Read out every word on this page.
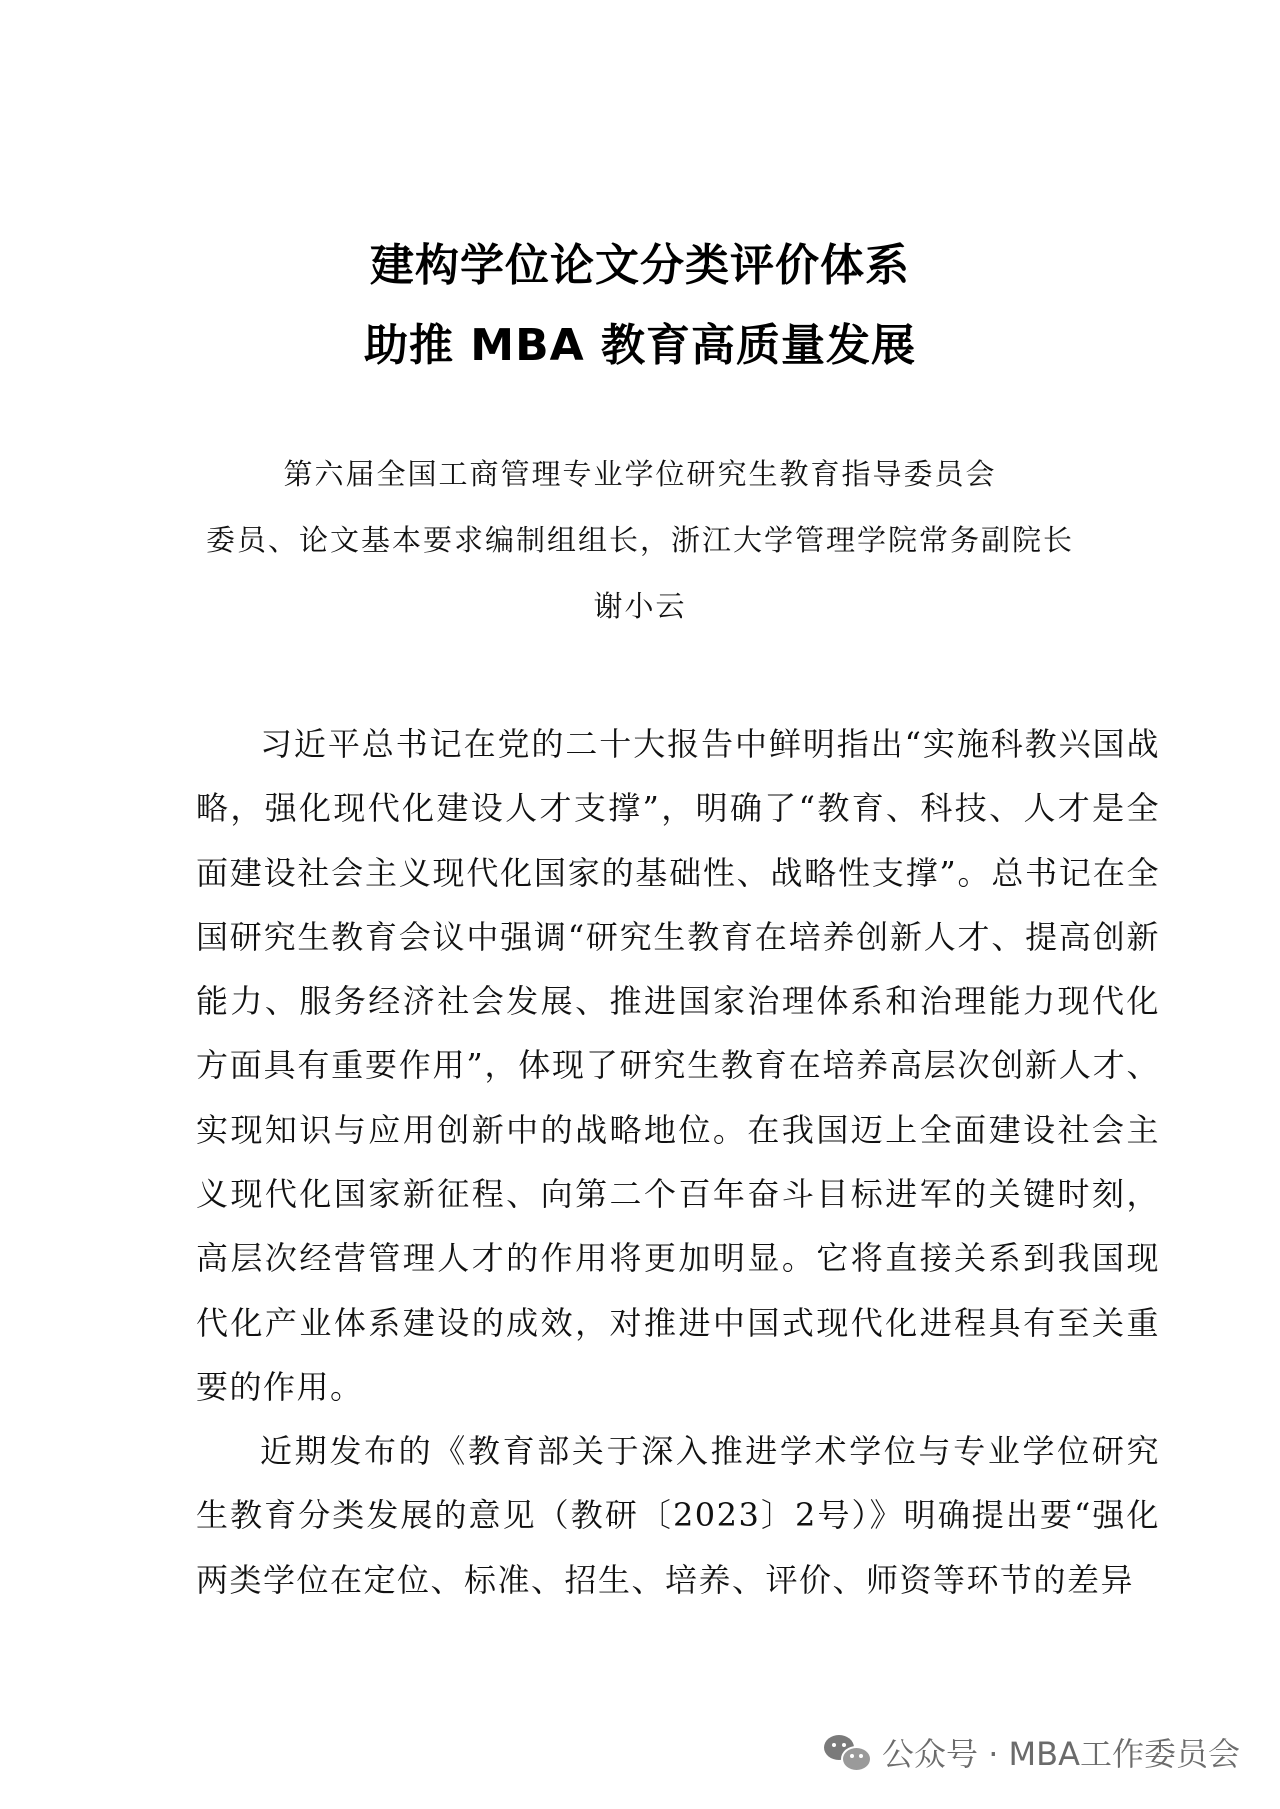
建构学位论文分类评价体系
助推 MBA 教育高质量发展
第六届全国工商管理专业学位研究生教育指导委员会
委员、论文基本要求编制组组长，浙江大学管理学院常务副院长
谢小云

习近平总书记在党的二十大报告中鲜明指出“实施科教兴国战略，强化现代化建设人才支撑”，明确了“教育、科技、人才是全面建设社会主义现代化国家的基础性、战略性支撑”。总书记在全国研究生教育会议中强调“研究生教育在培养创新人才、提高创新能力、服务经济社会发展、推进国家治理体系和治理能力现代化方面具有重要作用”，体现了研究生教育在培养高层次创新人才、实现知识与应用创新中的战略地位。在我国迈上全面建设社会主义现代化国家新征程、向第二个百年奋斗目标进军的关键时刻，高层次经营管理人才的作用将更加明显。它将直接关系到我国现代化产业体系建设的成效，对推进中国式现代化进程具有至关重要的作用。

近期发布的《教育部关于深入推进学术学位与专业学位研究生教育分类发展的意见（教研〔2023〕2号）》明确提出要“强化两类学位在定位、标准、招生、培养、评价、师资等环节的差异

公众号 · MBA工作委员会
